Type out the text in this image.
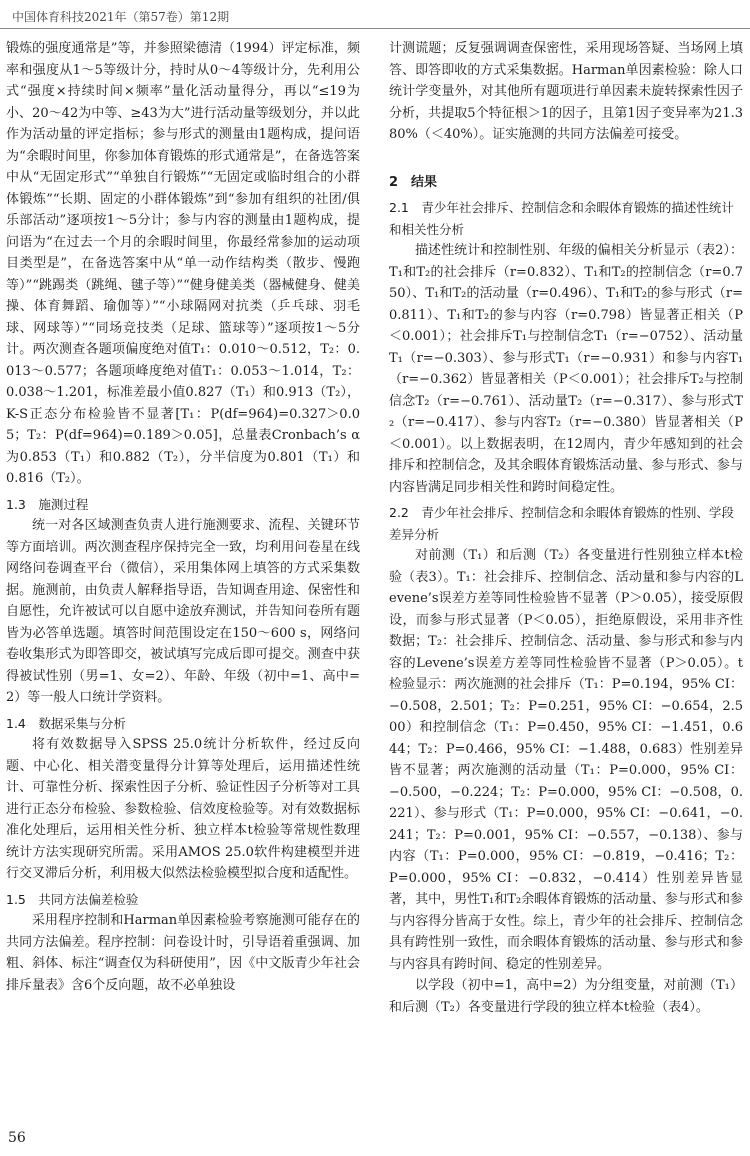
中国体育科技2021年（第57卷）第12期

锻炼的强度通常是”等，并参照梁德清（1994）评定标准，频率和强度从1～5等级计分，持时从0～4等级计分，先利用公式“强度×持续时间×频率”量化活动量得分，再以“≤19为小、20～42为中等、≥43为大”进行活动量等级划分，并以此作为活动量的评定指标；参与形式的测量由1题构成，提问语为“余暇时间里，你参加体育锻炼的形式通常是”，在备选答案中从“无固定形式”“单独自行锻炼”“无固定或临时组合的小群体锻炼”“长期、固定的小群体锻炼”到“参加有组织的社团/俱乐部活动”逐项按1～5分计；参与内容的测量由1题构成，提问语为“在过去一个月的余暇时间里，你最经常参加的运动项目类型是”，在备选答案中从“单一动作结构类（散步、慢跑等）”“跳踢类（跳绳、毽子等）”“健身健美类（器械健身、健美操、体育舞蹈、瑜伽等）”“小球隔网对抗类（乒乓球、羽毛球、网球等）”“同场竞技类（足球、篮球等）”逐项按1～5分计。两次测查各题项偏度绝对值T₁：0.010～0.512，T₂：0.013～0.577；各题项峰度绝对值T₁：0.053～1.014，T₂：0.038～1.201，标准差最小值0.827（T₁）和0.913（T₂），K-S正态分布检验皆不显著[T₁：P(df=964)=0.327＞0.05；T₂：P(df=964)=0.189＞0.05]，总量表Cronbach’s α为0.853（T₁）和0.882（T₂），分半信度为0.801（T₁）和0.816（T₂）。

1.3　施测过程

统一对各区域测查负责人进行施测要求、流程、关键环节等方面培训。两次测查程序保持完全一致，均利用问卷星在线网络问卷调查平台（微信），采用集体网上填答的方式采集数据。施测前，由负责人解释指导语，告知调查用途、保密性和自愿性，允许被试可以自愿中途放弃测试，并告知问卷所有题皆为必答单选题。填答时间范围设定在150～600 s，网络问卷收集形式为即答即交，被试填写完成后即可提交。测查中获得被试性别（男=1、女=2）、年龄、年级（初中=1、高中=2）等一般人口统计学资料。

1.4　数据采集与分析

将有效数据导入SPSS 25.0统计分析软件，经过反向题、中心化、相关潜变量得分计算等处理后，运用描述性统计、可靠性分析、探索性因子分析、验证性因子分析等对工具进行正态分布检验、参数检验、信效度检验等。对有效数据标准化处理后，运用相关性分析、独立样本t检验等常规性数理统计方法实现研究所需。采用AMOS 25.0软件构建模型并进行交叉滞后分析，利用极大似然法检验模型拟合度和适配性。

1.5　共同方法偏差检验

采用程序控制和Harman单因素检验考察施测可能存在的共同方法偏差。程序控制：问卷设计时，引导语着重强调、加粗、斜体、标注“调查仅为科研使用”，因《中文版青少年社会排斥量表》含6个反向题，故不必单独设

计测谎题；反复强调调查保密性，采用现场答疑、当场网上填答、即答即收的方式采集数据。Harman单因素检验：除人口统计学变量外，对其他所有题项进行单因素未旋转探索性因子分析，共提取5个特征根＞1的因子，且第1因子变异率为21.380%（＜40%）。证实施测的共同方法偏差可接受。

2　结果
2.1　青少年社会排斥、控制信念和余暇体育锻炼的描述性统计和相关性分析

描述性统计和控制性别、年级的偏相关分析显示（表2）：T₁和T₂的社会排斥（r=0.832）、T₁和T₂的控制信念（r=0.750）、T₁和T₂的活动量（r=0.496）、T₁和T₂的参与形式（r=0.811）、T₁和T₂的参与内容（r=0.798）皆显著正相关（P＜0.001）；社会排斥T₁与控制信念T₁（r=−0752）、活动量T₁（r=−0.303）、参与形式T₁（r=−0.931）和参与内容T₁（r=−0.362）皆显著相关（P＜0.001）；社会排斥T₂与控制信念T₂（r=−0.761）、活动量T₂（r=−0.317）、参与形式T₂（r=−0.417）、参与内容T₂（r=−0.380）皆显著相关（P＜0.001）。以上数据表明，在12周内，青少年感知到的社会排斥和控制信念，及其余暇体育锻炼活动量、参与形式、参与内容皆满足同步相关性和跨时间稳定性。

2.2　青少年社会排斥、控制信念和余暇体育锻炼的性别、学段差异分析

对前测（T₁）和后测（T₂）各变量进行性别独立样本t检验（表3）。T₁：社会排斥、控制信念、活动量和参与内容的Levene’s误差方差等同性检验皆不显著（P＞0.05），接受原假设，而参与形式显著（P＜0.05），拒绝原假设，采用非齐性数据；T₂：社会排斥、控制信念、活动量、参与形式和参与内容的Levene’s误差方差等同性检验皆不显著（P＞0.05）。t检验显示：两次施测的社会排斥（T₁：P=0.194，95% CI：−0.508，2.501；T₂：P=0.251，95% CI：−0.654，2.500）和控制信念（T₁：P=0.450，95% CI：−1.451，0.644；T₂：P=0.466，95% CI：−1.488，0.683）性别差异皆不显著；两次施测的活动量（T₁：P=0.000，95% CI：−0.500，−0.224；T₂：P=0.000，95% CI：−0.508，0.221）、参与形式（T₁：P=0.000，95% CI：−0.641，−0.241；T₂：P=0.001，95% CI：−0.557，−0.138）、参与内容（T₁：P=0.000，95% CI：−0.819，−0.416；T₂：P=0.000，95% CI：−0.832，−0.414）性别差异皆显著，其中，男性T₁和T₂余暇体育锻炼的活动量、参与形式和参与内容得分皆高于女性。综上，青少年的社会排斥、控制信念具有跨性别一致性，而余暇体育锻炼的活动量、参与形式和参与内容具有跨时间、稳定的性别差异。

以学段（初中=1，高中=2）为分组变量，对前测（T₁）和后测（T₂）各变量进行学段的独立样本t检验（表4）。

56
